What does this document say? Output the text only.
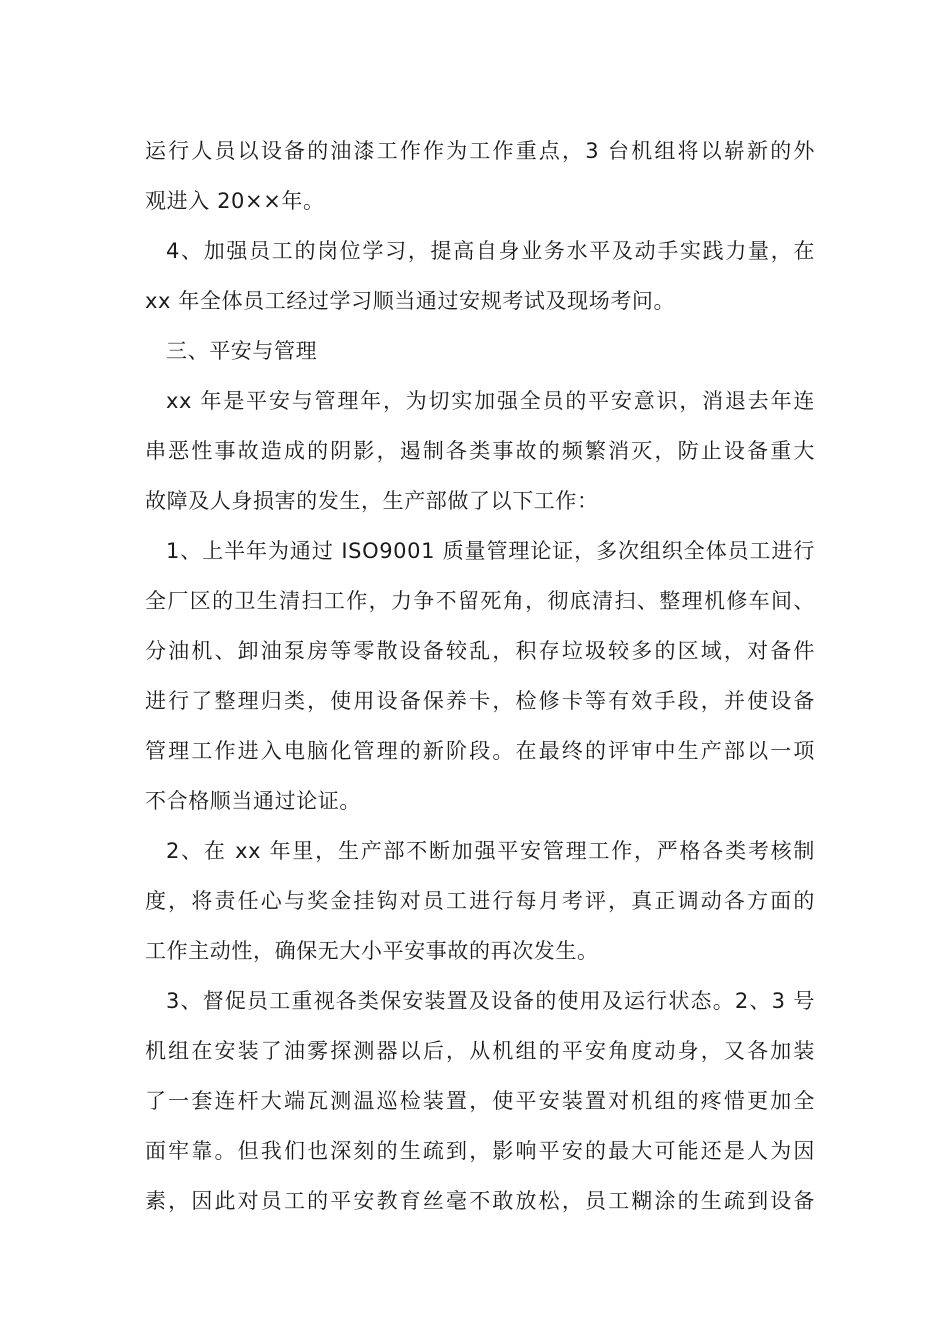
运行人员以设备的油漆工作作为工作重点，3 台机组将以崭新的外
观进入 20××年。
4、加强员工的岗位学习，提高自身业务水平及动手实践力量，在
xx 年全体员工经过学习顺当通过安规考试及现场考问。
三、平安与管理
xx 年是平安与管理年，为切实加强全员的平安意识，消退去年连
串恶性事故造成的阴影，遏制各类事故的频繁消灭，防止设备重大
故障及人身损害的发生，生产部做了以下工作：
1、上半年为通过 ISO9001 质量管理论证，多次组织全体员工进行
全厂区的卫生清扫工作，力争不留死角，彻底清扫、整理机修车间、
分油机、卸油泵房等零散设备较乱，积存垃圾较多的区域，对备件
进行了整理归类，使用设备保养卡，检修卡等有效手段，并使设备
管理工作进入电脑化管理的新阶段。在最终的评审中生产部以一项
不合格顺当通过论证。
2、在 xx 年里，生产部不断加强平安管理工作，严格各类考核制
度，将责任心与奖金挂钩对员工进行每月考评，真正调动各方面的
工作主动性，确保无大小平安事故的再次发生。
3、督促员工重视各类保安装置及设备的使用及运行状态。2、3 号
机组在安装了油雾探测器以后，从机组的平安角度动身，又各加装
了一套连杆大端瓦测温巡检装置，使平安装置对机组的疼惜更加全
面牢靠。但我们也深刻的生疏到，影响平安的最大可能还是人为因
素，因此对员工的平安教育丝毫不敢放松，员工糊涂的生疏到设备
